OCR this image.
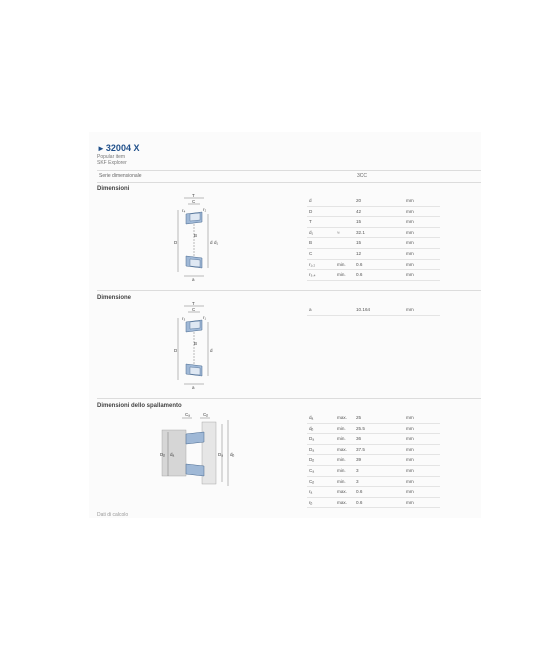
►32004 X
Popular item
SKF Explorer
Serie dimensionale	3CC
Dimensioni
T
C
r₂
r₄
B
D	d d₁
a
d	20	mm
D	42	mm
T	15	mm
d₁	≈	32.1	mm
B	15	mm
C	12	mm
r₁,₂	min. 0.6	mm
r₃,₄	min. 0.6	mm
Dimensione
T
C
r₁
r₃
B
D	d
a
a	10.164	mm
Dimensioni dello spallamento
Cₐ	Cᵦ
Dᵦ dₐ	Dₐ dᵦ
dₐ	max. 25	mm
dᵦ	min. 25.5	mm
Dₐ	min. 36	mm
Dₐ	max. 37.5	mm
Dᵦ	min. 39	mm
Cₐ	min. 3	mm
Cᵦ	min. 3	mm
rₐ	max. 0.6	mm
rᵦ	max. 0.6	mm
Dati di calcolo
